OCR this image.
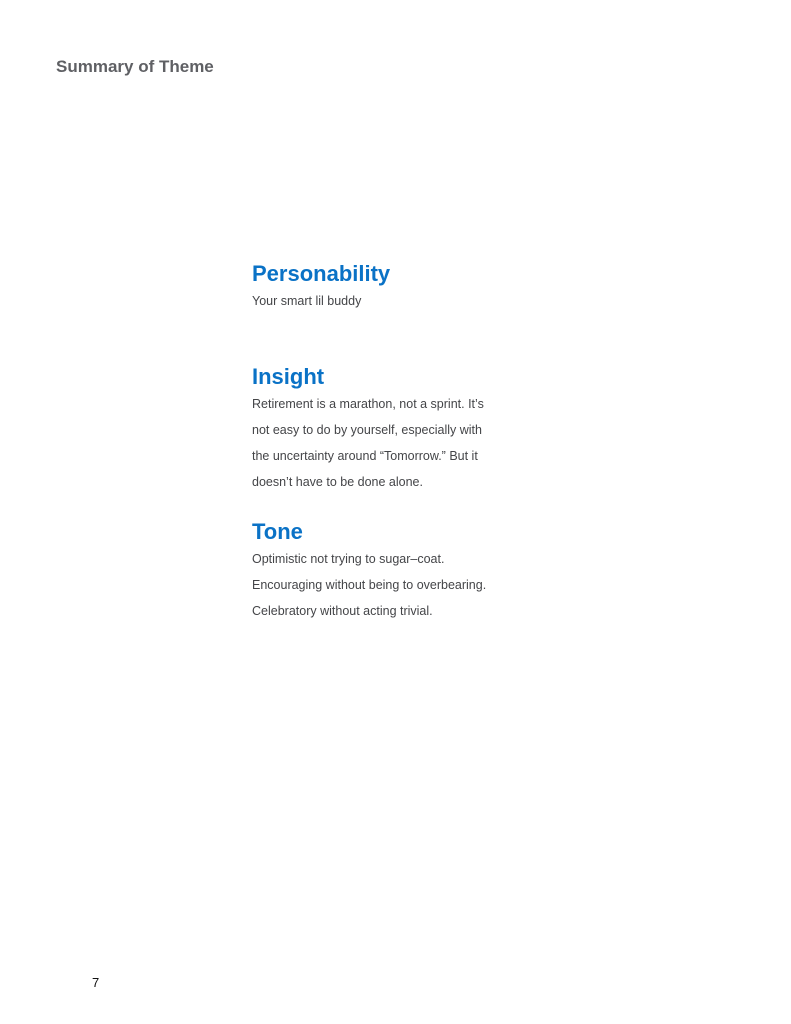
Summary of Theme
Personability
Your smart lil buddy
Insight
Retirement is a marathon, not a sprint. It’s
not easy to do by yourself, especially with
the uncertainty around “Tomorrow.” But it
doesn’t have to be done alone.
Tone
Optimistic not trying to sugar–coat.
Encouraging without being to overbearing.
Celebratory without acting trivial.
7
